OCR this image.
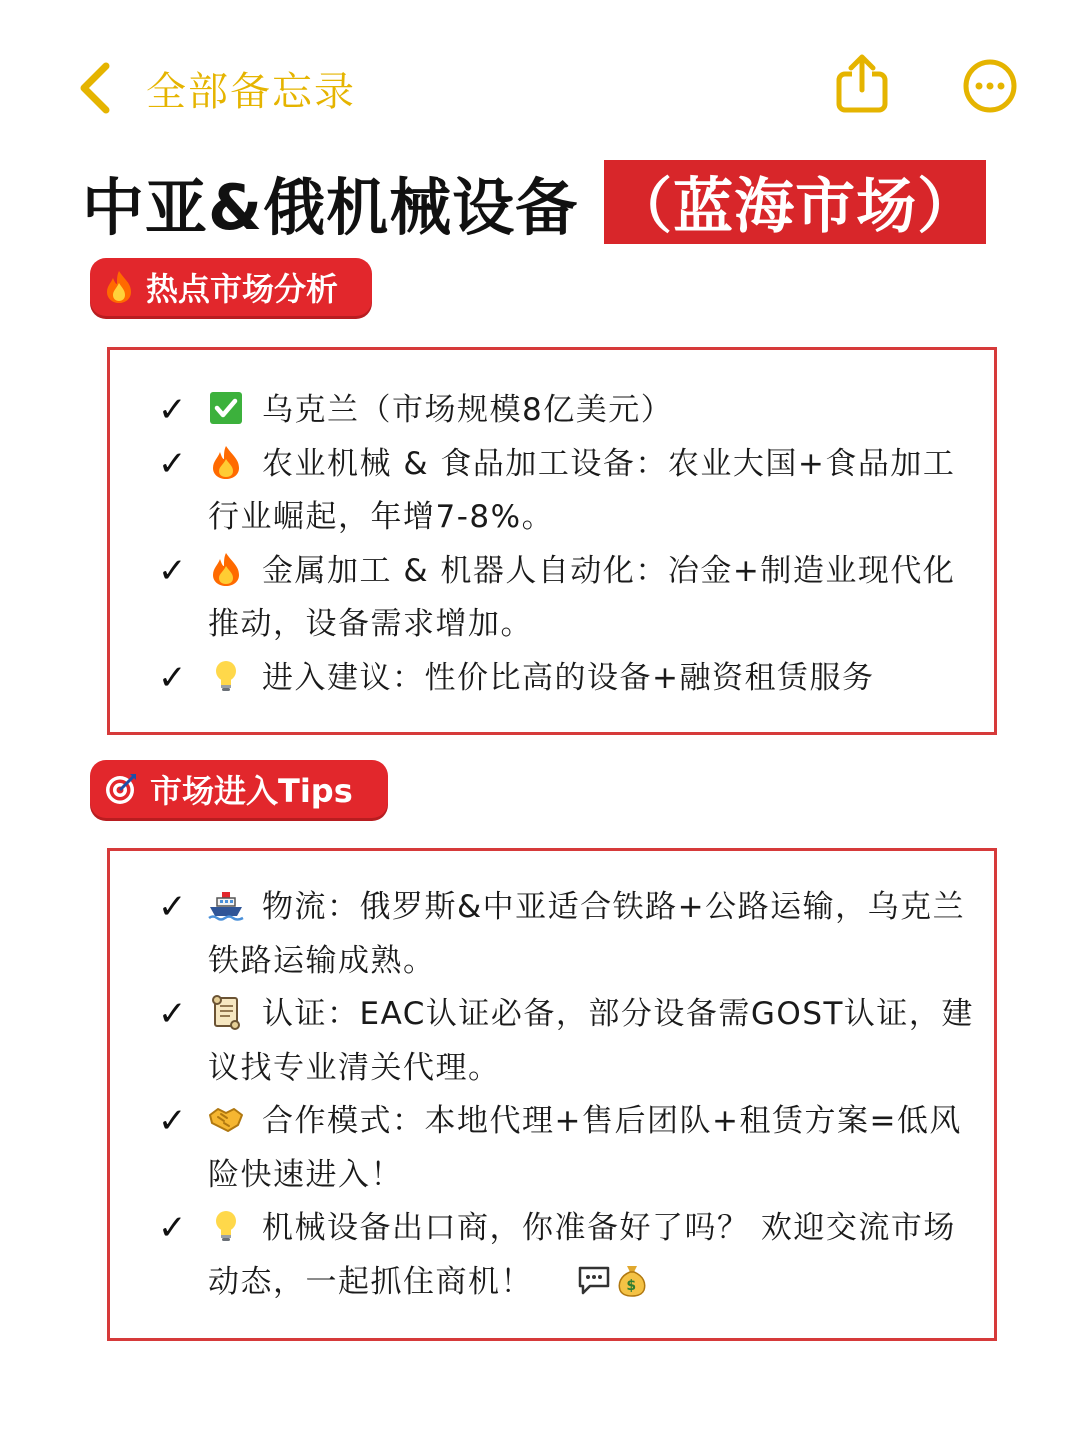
全部备忘录
中亚&俄机械设备 （蓝海市场）
热点市场分析
✓ 乌克兰（市场规模8亿美元）
✓ 农业机械 & 食品加工设备：农业大国+食品加工行业崛起，年增7-8%。
✓ 金属加工 & 机器人自动化：冶金+制造业现代化推动，设备需求增加。
✓ 进入建议：性价比高的设备+融资租赁服务
市场进入Tips
✓ 物流：俄罗斯&中亚适合铁路+公路运输，乌克兰铁路运输成熟。
✓ 认证：EAC认证必备，部分设备需GOST认证，建议找专业清关代理。
✓ 合作模式：本地代理+售后团队+租赁方案=低风险快速进入！
✓ 机械设备出口商，你准备好了吗？ 欢迎交流市场动态，一起抓住商机！	$
